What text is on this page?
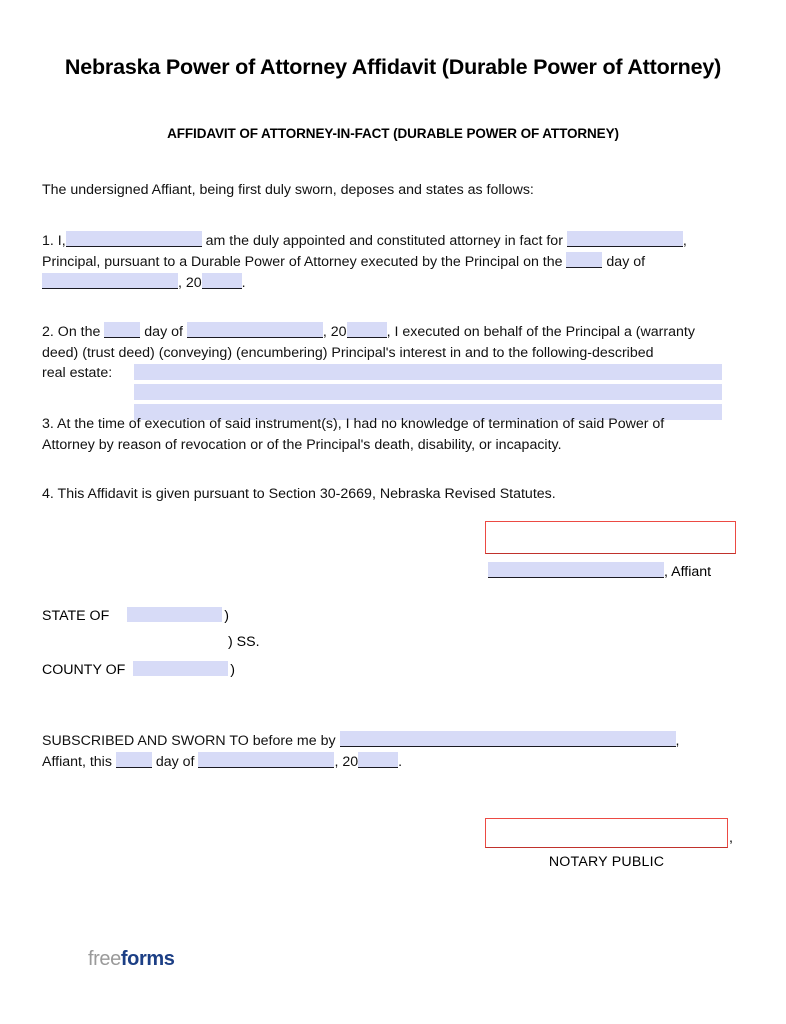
Nebraska Power of Attorney Affidavit (Durable Power of Attorney)
AFFIDAVIT OF ATTORNEY-IN-FACT (DURABLE POWER OF ATTORNEY)
The undersigned Affiant, being first duly sworn, deposes and states as follows:
1. I,	am the duly appointed and constituted attorney in fact for	,
Principal, pursuant to a Durable Power of Attorney executed by the Principal on the	day of
, 20	.
2. On the	day of	, 20	, I executed on behalf of the Principal a (warranty
deed) (trust deed) (conveying) (encumbering) Principal's interest in and to the following-described
real estate:
3. At the time of execution of said instrument(s), I had no knowledge of termination of said Power of
Attorney by reason of revocation or of the Principal's death, disability, or incapacity.
4. This Affidavit is given pursuant to Section 30-2669, Nebraska Revised Statutes.
, Affiant
STATE OF	)
) SS.
COUNTY OF	)
SUBSCRIBED AND SWORN TO before me by	,
Affiant, this	day of	, 20	.
,
NOTARY PUBLIC
freeforms
